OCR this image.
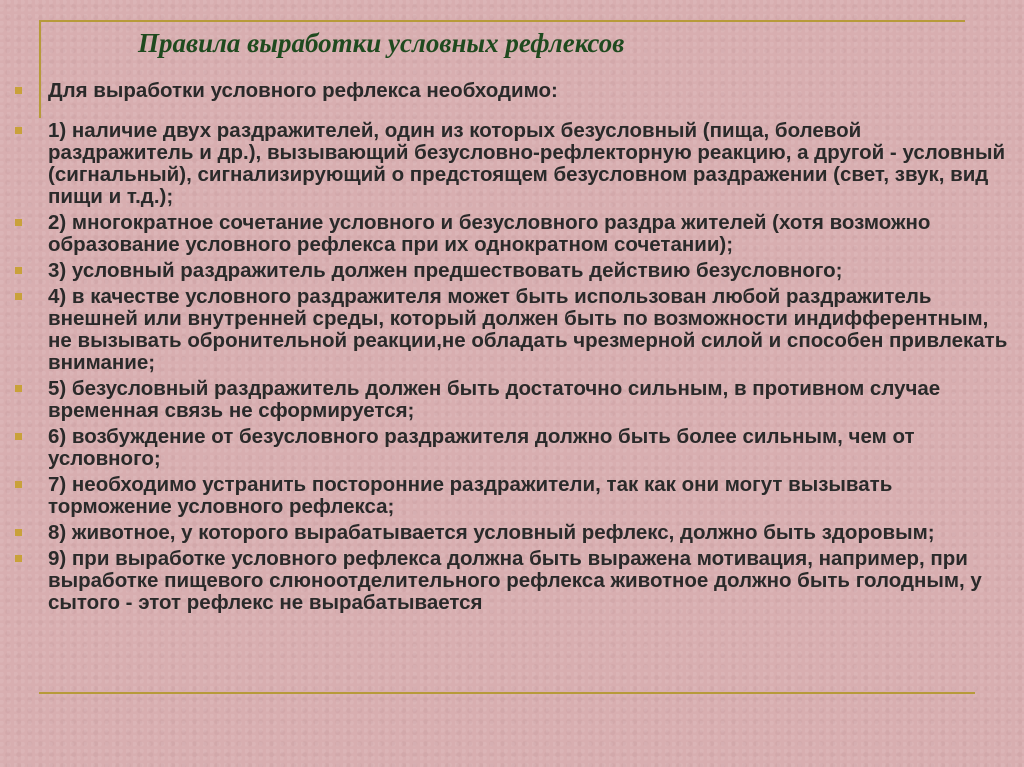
Правила выработки условных рефлексов
Для выработки условного рефлекса необходимо:
1) наличие двух раздражителей, один из которых безусловный (пища, болевой раздражитель и др.), вызывающий безусловно-рефлекторную реакцию, а другой - условный (сигнальный), сигнализирующий о предстоящем безусловном раздражении (свет, звук, вид пищи и т.д.);
2) многократное сочетание условного и безусловного раздра жителей (хотя возможно образование условного рефлекса при их однократном сочетании);
3) условный раздражитель должен предшествовать действию безусловного;
4) в качестве условного раздражителя может быть использован любой раздражитель внешней или внутренней среды, который должен быть по возможности индифферентным, не вызывать обронительной реакции,не обладать чрезмерной силой и способен привлекать внимание;
5) безусловный раздражитель должен быть достаточно сильным, в противном случае временная связь не сформируется;
6) возбуждение от безусловного раздражителя должно быть более сильным, чем от условного;
7) необходимо устранить посторонние раздражители, так как они могут вызывать торможение условного рефлекса;
8) животное, у которого вырабатывается условный рефлекс, должно быть здоровым;
9) при выработке условного рефлекса должна быть выражена мотивация, например, при выработке пищевого слюноотделительного рефлекса животное должно быть голодным, у сытого - этот рефлекс не вырабатывается
